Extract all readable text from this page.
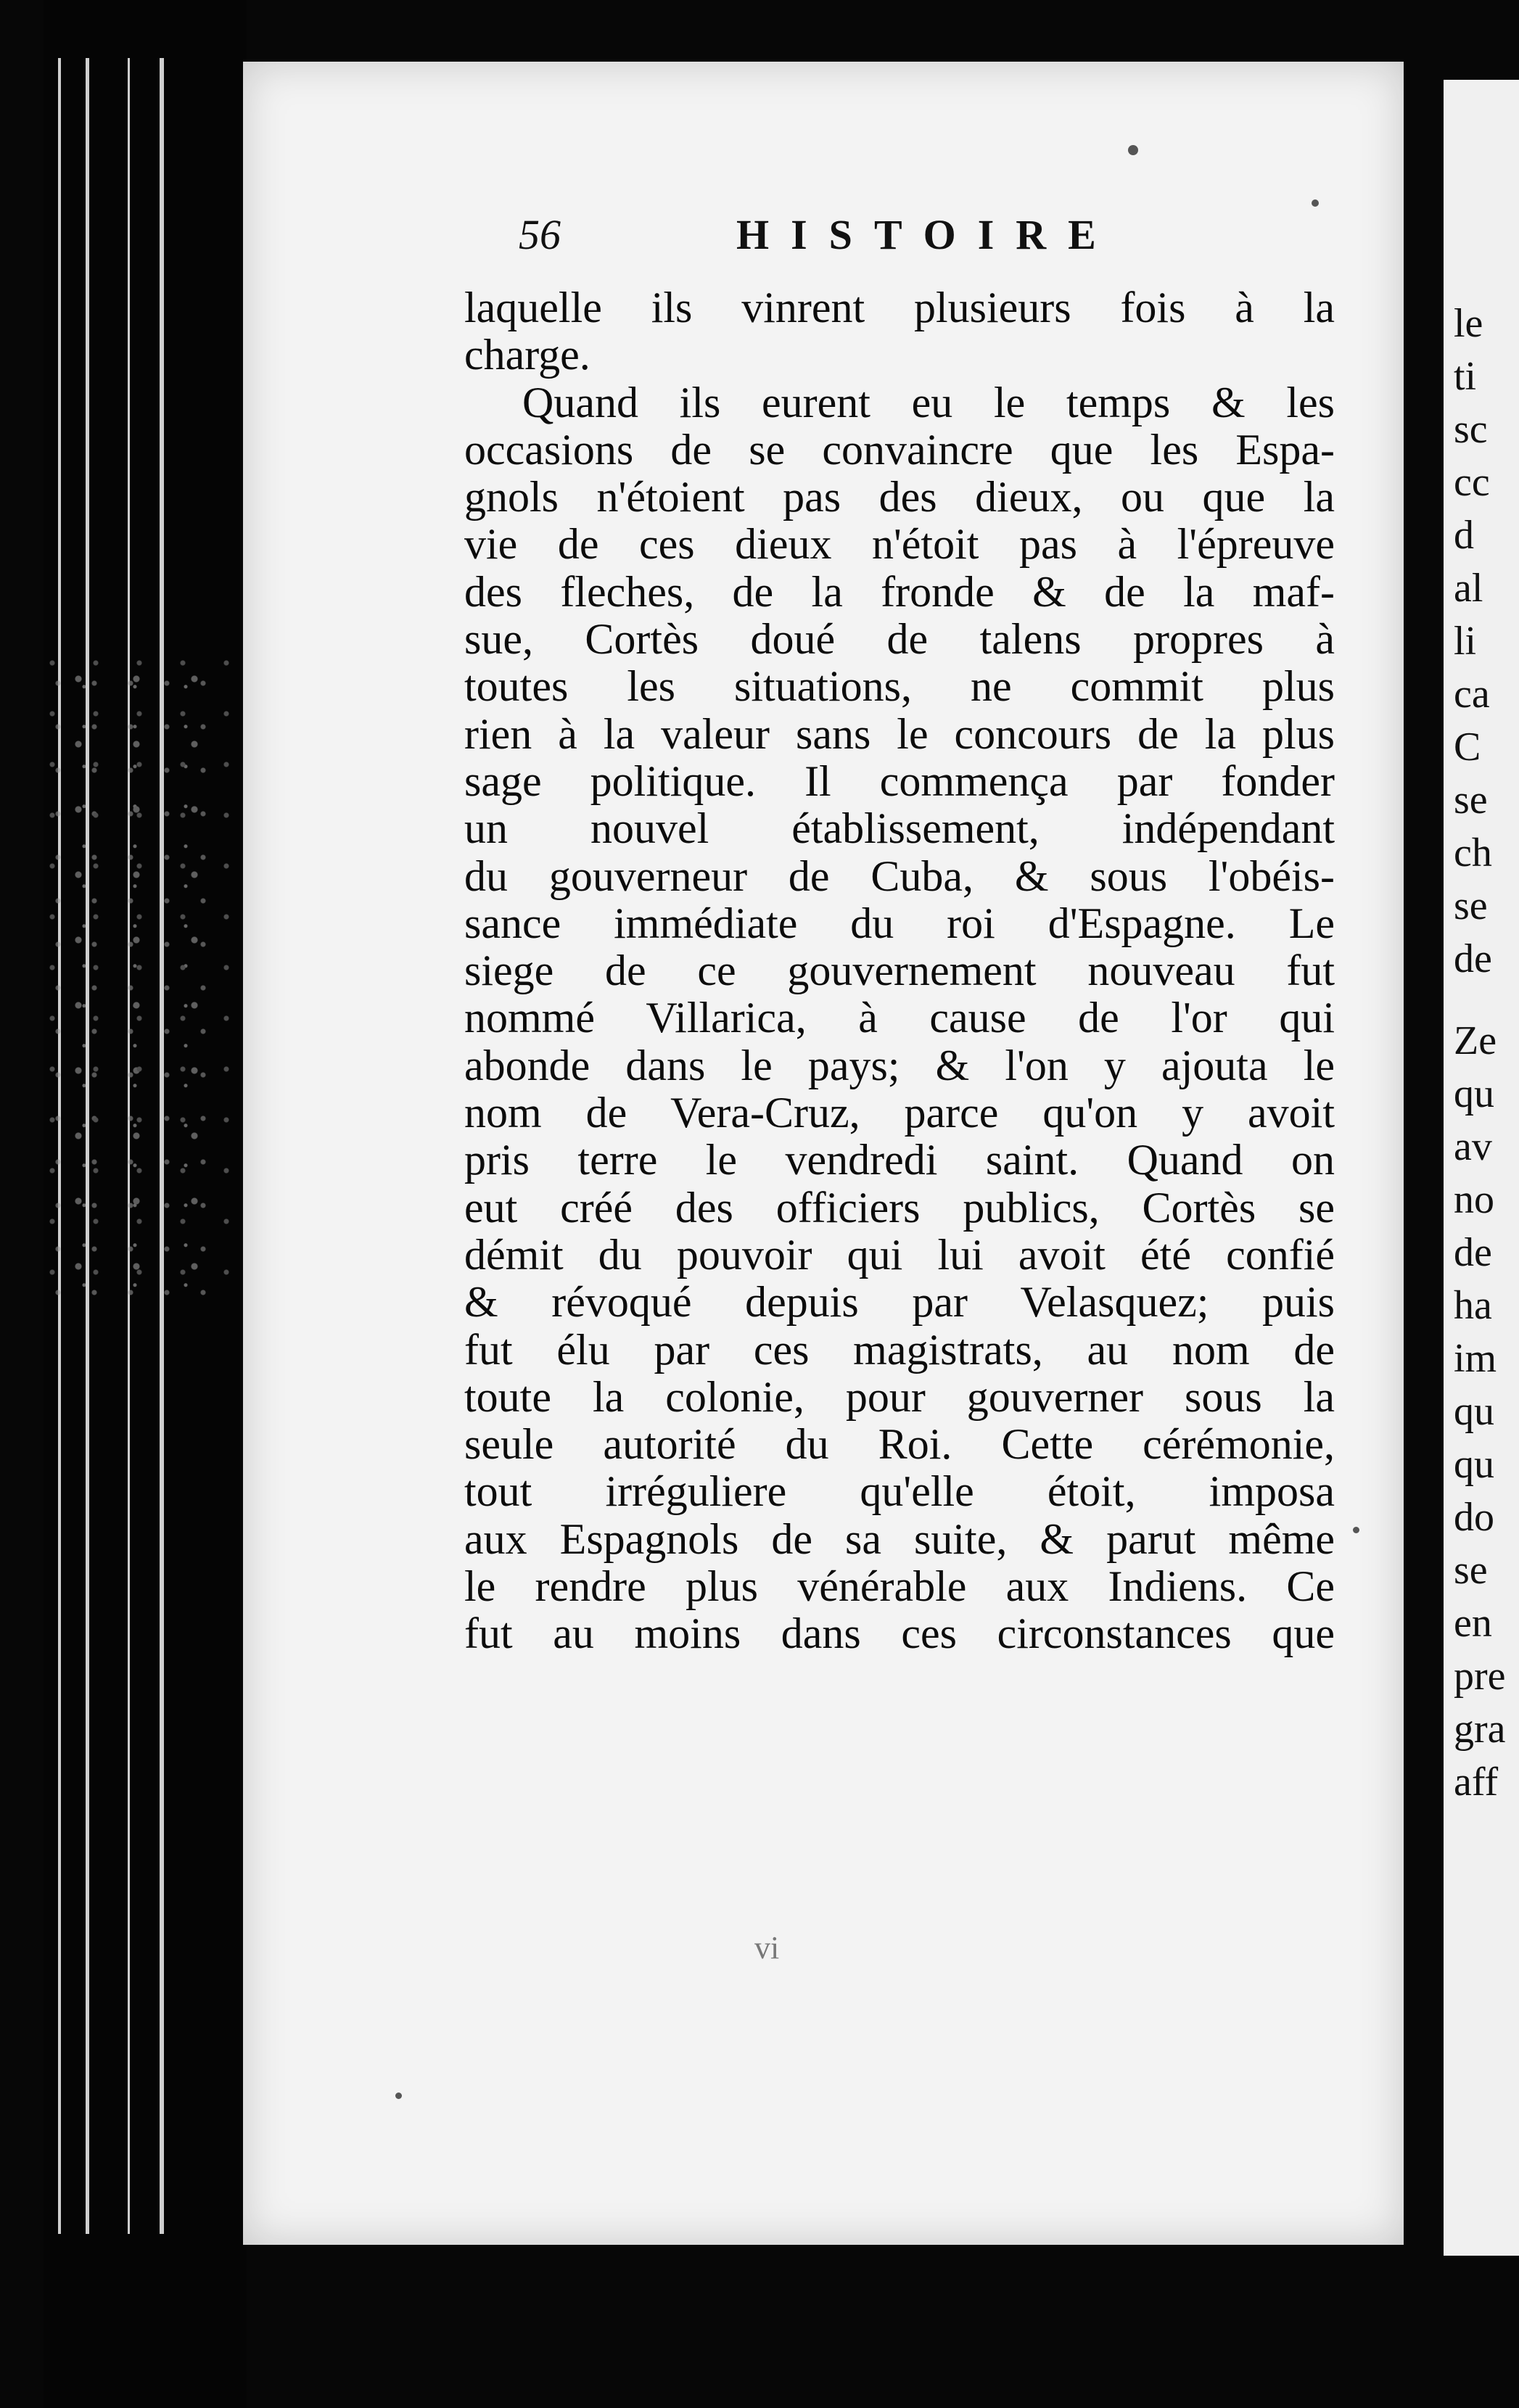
56	HISTOIRE
laquelle ils vinrent plusieurs fois à la
charge.
Quand ils eurent eu le temps & les
occasions de se convaincre que les Espa-
gnols n'étoient pas des dieux, ou que la
vie de ces dieux n'étoit pas à l'épreuve
des fleches, de la fronde & de la maf-
sue, Cortès doué de talens propres à
toutes les situations, ne commit plus
rien à la valeur sans le concours de la plus
sage politique. Il commença par fonder
un nouvel établissement, indépendant
du gouverneur de Cuba, & sous l'obéis-
sance immédiate du roi d'Espagne. Le
siege de ce gouvernement nouveau fut
nommé Villarica, à cause de l'or qui
abonde dans le pays; & l'on y ajouta le
nom de Vera-Cruz, parce qu'on y avoit
pris terre le vendredi saint. Quand on
eut créé des officiers publics, Cortès se
démit du pouvoir qui lui avoit été confié
& révoqué depuis par Velasquez; puis
fut élu par ces magistrats, au nom de
toute la colonie, pour gouverner sous la
seule autorité du Roi. Cette cérémonie,
tout irréguliere qu'elle étoit, imposa
aux Espagnols de sa suite, & parut même
le rendre plus vénérable aux Indiens. Ce
fut au moins dans ces circonstances que
vi
le
ti
sc
cc
d
al
li
ca
C
se
ch
se
de
Ze
qu
av
no
de
ha
im
qu
qu
do
se
en
pre
gra
aff
